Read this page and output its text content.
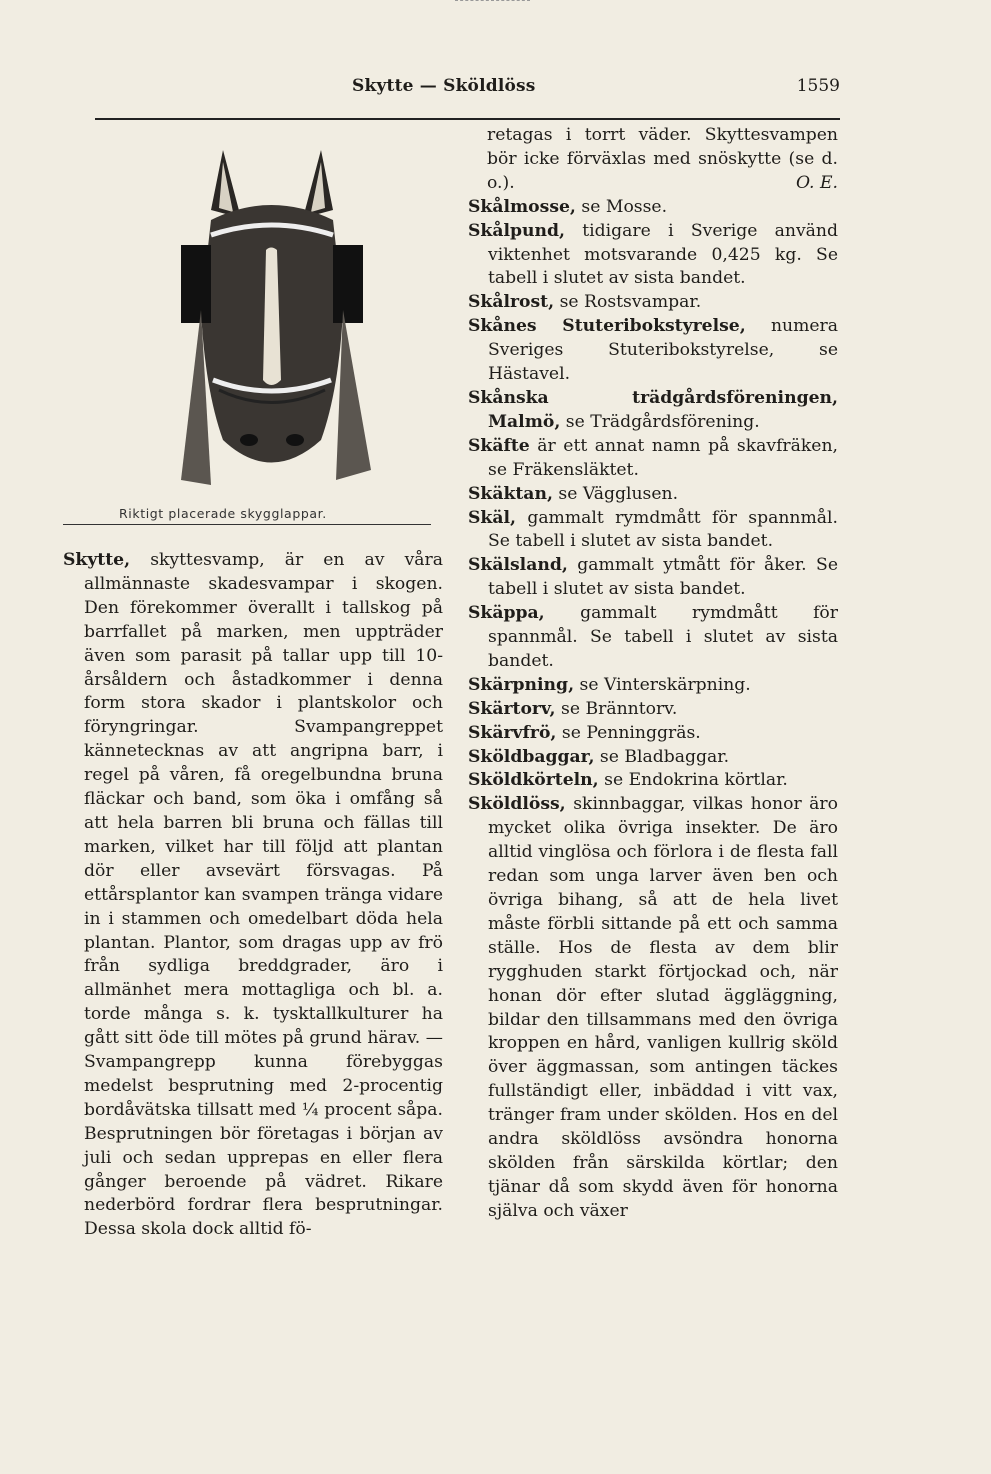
Skytte — Sköldlöss	1559
Riktigt placerade skygglappar.

Skytte, skyttesvamp, är en av våra allmännaste skadesvampar i skogen. Den förekommer överallt i tallskog på barrfallet på marken, men uppträder även som parasit på tallar upp till 10-årsåldern och åstadkommer i denna form stora skador i plantskolor och föryngringar. Svampangreppet kännetecknas av att angripna barr, i regel på våren, få oregelbundna bruna fläckar och band, som öka i omfång så att hela barren bli bruna och fällas till marken, vilket har till följd att plantan dör eller avsevärt försvagas. På ettårsplantor kan svampen tränga vidare in i stammen och omedelbart döda hela plantan. Plantor, som dragas upp av frö från sydliga breddgrader, äro i allmänhet mera mottagliga och bl. a. torde många s. k. tysktallkulturer ha gått sitt öde till mötes på grund härav. — Svampangrepp kunna förebyggas medelst besprutning med 2-procentig bordåvätska tillsatt med ¼ procent såpa. Besprutningen bör företagas i början av juli och sedan upprepas en eller flera gånger beroende på vädret. Rikare nederbörd fordrar flera besprutningar. Dessa skola dock alltid fö-

retagas i torrt väder. Skyttesvampen bör icke förväxlas med snöskytte (se d. o.).	O. E.

Skålmosse, se Mosse.

Skålpund, tidigare i Sverige använd viktenhet motsvarande 0,425 kg. Se tabell i slutet av sista bandet.

Skålrost, se Rostsvampar.

Skånes Stuteribokstyrelse, numera Sveriges Stuteribokstyrelse, se Hästavel.

Skånska trädgårdsföreningen, Malmö, se Trädgårdsförening.

Skäfte är ett annat namn på skavfräken, se Fräkensläktet.

Skäktan, se Vägglusen.

Skäl, gammalt rymdmått för spannmål. Se tabell i slutet av sista bandet.

Skälsland, gammalt ytmått för åker. Se tabell i slutet av sista bandet.

Skäppa, gammalt rymdmått för spannmål. Se tabell i slutet av sista bandet.

Skärpning, se Vinterskärpning.

Skärtorv, se Bränntorv.

Skärvfrö, se Penninggräs.

Sköldbaggar, se Bladbaggar.

Sköldkörteln, se Endokrina körtlar.

Sköldlöss, skinnbaggar, vilkas honor äro mycket olika övriga insekter. De äro alltid vinglösa och förlora i de flesta fall redan som unga larver även ben och övriga bihang, så att de hela livet måste förbli sittande på ett och samma ställe. Hos de flesta av dem blir rygghuden starkt förtjockad och, när honan dör efter slutad äggläggning, bildar den tillsammans med den övriga kroppen en hård, vanligen kullrig sköld över äggmassan, som antingen täckes fullständigt eller, inbäddad i vitt vax, tränger fram under skölden. Hos en del andra sköldlöss avsöndra honorna skölden från särskilda körtlar; den tjänar då som skydd även för honorna själva och växer
